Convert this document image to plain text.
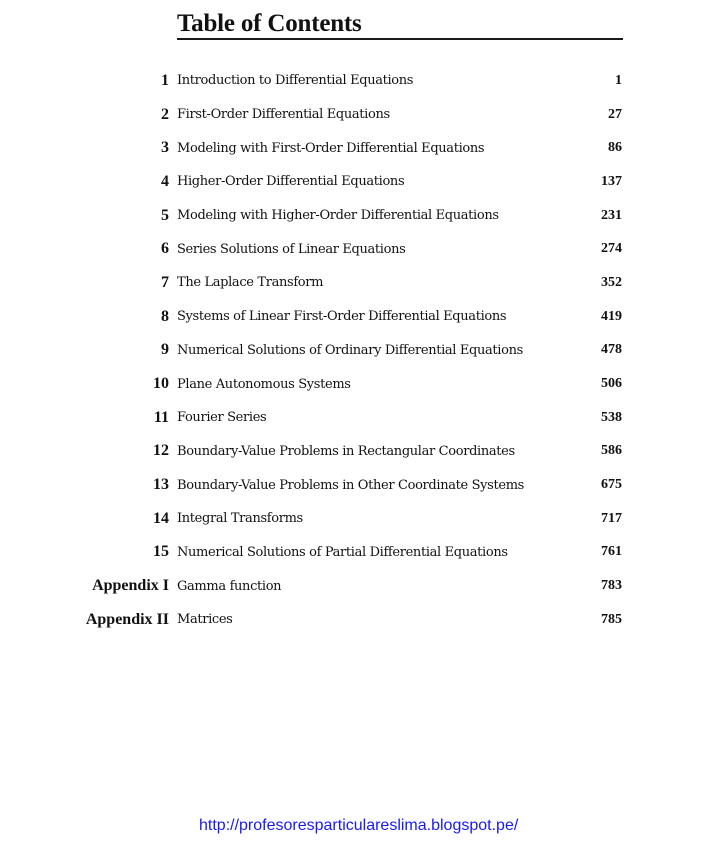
Table of Contents
1 Introduction to Differential Equations	1
2 First-Order Differential Equations	27
3 Modeling with First-Order Differential Equations	86
4 Higher-Order Differential Equations	137
5 Modeling with Higher-Order Differential Equations	231
6 Series Solutions of Linear Equations	274
7 The Laplace Transform	352
8 Systems of Linear First-Order Differential Equations	419
9 Numerical Solutions of Ordinary Differential Equations	478
10 Plane Autonomous Systems	506
11 Fourier Series	538
12 Boundary-Value Problems in Rectangular Coordinates	586
13 Boundary-Value Problems in Other Coordinate Systems	675
14 Integral Transforms	717
15 Numerical Solutions of Partial Differential Equations	761
Appendix I Gamma function	783
Appendix II Matrices	785
http://profesoresparticulareslima.blogspot.pe/
